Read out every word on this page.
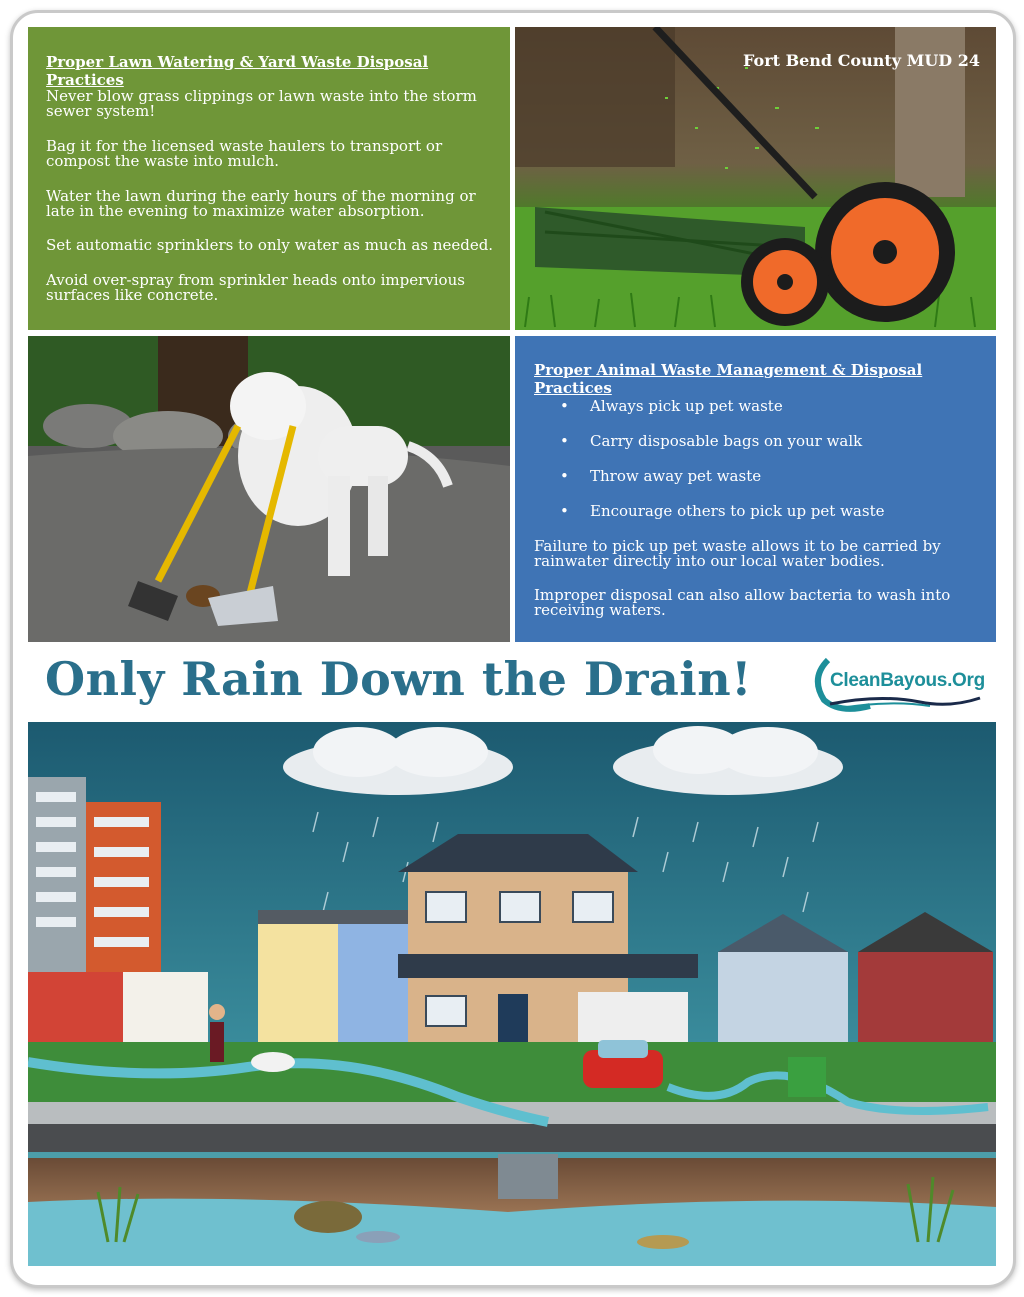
Proper Lawn Watering & Yard Waste Disposal Practices
Never blow grass clippings or lawn waste into the storm sewer system!
Bag it for the licensed waste haulers to transport or compost the waste into mulch.
Water the lawn during the early hours of the morning or late in the evening to maximize water absorption.
Set automatic sprinklers to only water as much as needed.
Avoid over-spray from sprinkler heads onto impervious surfaces like concrete.
Fort Bend County MUD 24
Proper Animal Waste Management & Disposal Practices
• Always pick up pet waste
• Carry disposable bags on your walk
• Throw away pet waste
• Encourage others to pick up pet waste
Failure to pick up pet waste allows it to be carried by rainwater directly into our local water bodies.
Improper disposal can also allow bacteria to wash into receiving waters.
Only Rain Down the Drain!	CleanBayous.Org
